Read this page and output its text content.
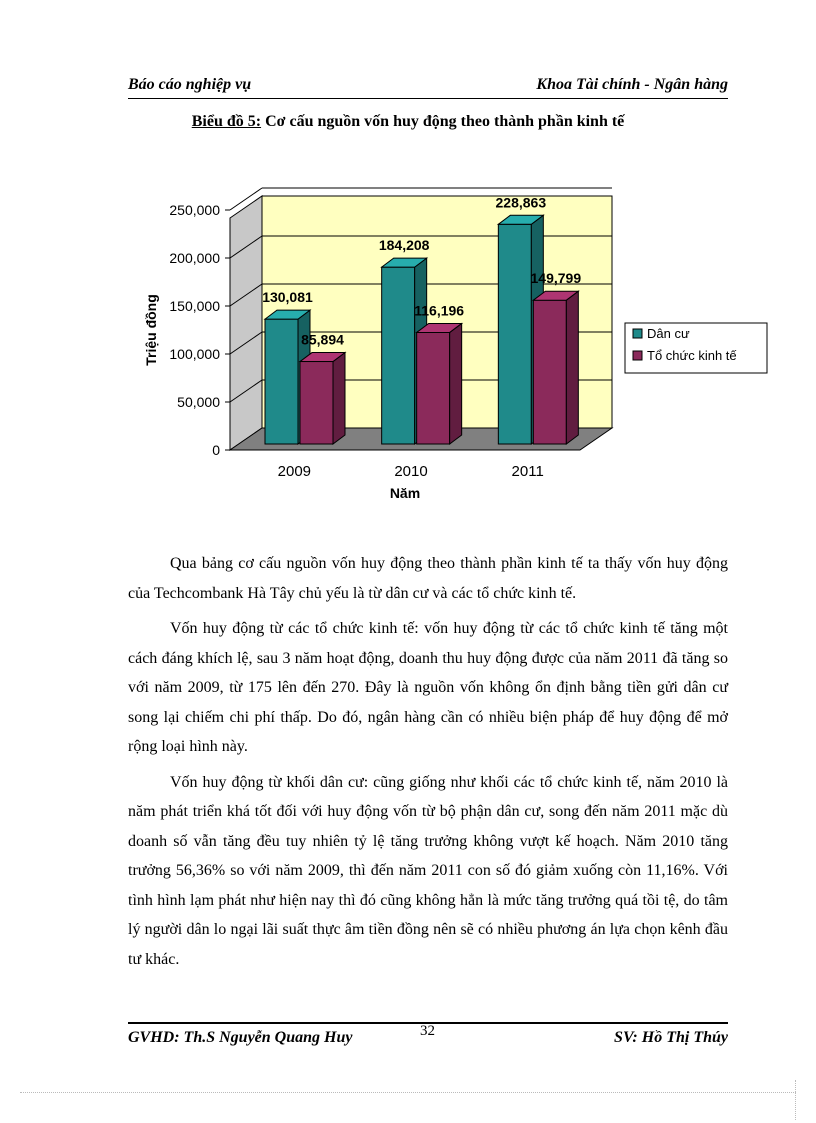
Báo cáo nghiệp vụ	Khoa Tài chính - Ngân hàng
Biểu đồ 5: Cơ cấu nguồn vốn huy động theo thành phần kinh tế
0
50,000
100,000
150,000
200,000
250,000
130,081
85,894
2009
184,208
116,196
2010
228,863
149,799
2011
Năm
Triệu đồng	Dân cư
Tổ chức kinh tế

Qua bảng cơ cấu nguồn vốn huy động theo thành phần kinh tế ta thấy vốn huy động của Techcombank Hà Tây chủ yếu là từ dân cư và các tổ chức kinh tế.

Vốn huy động từ các tổ chức kinh tế: vốn huy động từ các tổ chức kinh tế tăng một cách đáng khích lệ, sau 3 năm hoạt động, doanh thu huy động được của năm 2011 đã tăng so với năm 2009, từ 175 lên đến 270. Đây là nguồn vốn không ổn định bằng tiền gửi dân cư song lại chiếm chi phí thấp. Do đó, ngân hàng cần có nhiều biện pháp để huy động để mở rộng loại hình này.

Vốn huy động từ khối dân cư: cũng giống như khối các tổ chức kinh tế, năm 2010 là năm phát triển khá tốt đối với huy động vốn từ bộ phận dân cư, song đến năm 2011 mặc dù doanh số vẫn tăng đều tuy nhiên tỷ lệ tăng trưởng không vượt kế hoạch. Năm 2010 tăng trưởng 56,36% so với năm 2009, thì đến năm 2011 con số đó giảm xuống còn 11,16%. Với tình hình lạm phát như hiện nay thì đó cũng không hẳn là mức tăng trưởng quá tồi tệ, do tâm lý người dân lo ngại lãi suất thực âm tiền đồng nên sẽ có nhiều phương án lựa chọn kênh đầu tư khác.

GVHD: Th.S Nguyễn Quang Huy	32	SV: Hồ Thị Thúy
